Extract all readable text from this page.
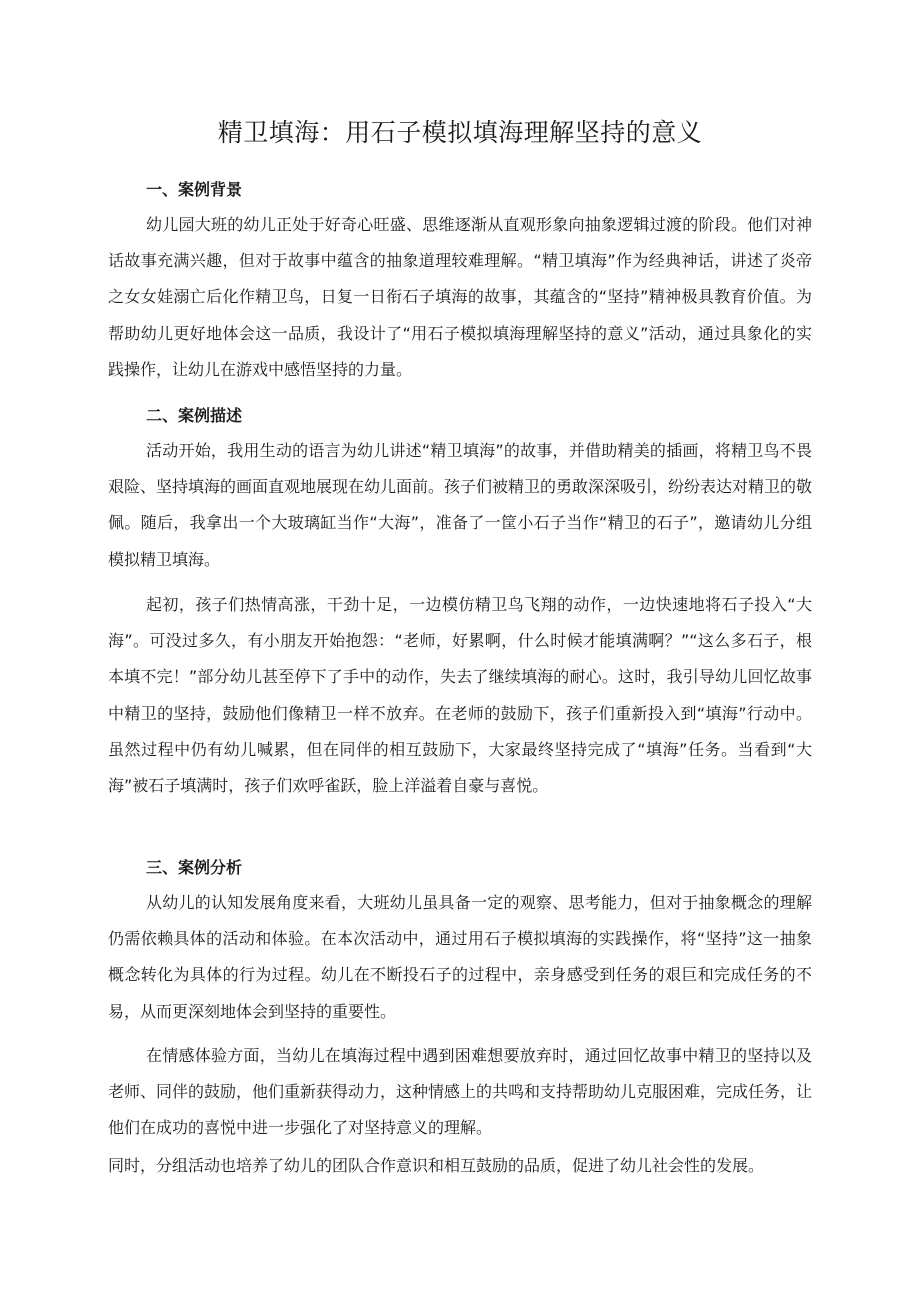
精卫填海：用石子模拟填海理解坚持的意义
一、案例背景

幼儿园大班的幼儿正处于好奇心旺盛、思维逐渐从直观形象向抽象逻辑过渡的阶段。他们对神话故事充满兴趣，但对于故事中蕴含的抽象道理较难理解。“精卫填海”作为经典神话，讲述了炎帝之女女娃溺亡后化作精卫鸟，日复一日衔石子填海的故事，其蕴含的“坚持”精神极具教育价值。为帮助幼儿更好地体会这一品质，我设计了“用石子模拟填海理解坚持的意义”活动，通过具象化的实践操作，让幼儿在游戏中感悟坚持的力量。

二、案例描述

活动开始，我用生动的语言为幼儿讲述“精卫填海”的故事，并借助精美的插画，将精卫鸟不畏艰险、坚持填海的画面直观地展现在幼儿面前。孩子们被精卫的勇敢深深吸引，纷纷表达对精卫的敬佩。随后，我拿出一个大玻璃缸当作“大海”，准备了一筐小石子当作“精卫的石子”，邀请幼儿分组模拟精卫填海。

起初，孩子们热情高涨，干劲十足，一边模仿精卫鸟飞翔的动作，一边快速地将石子投入“大海”。可没过多久，有小朋友开始抱怨：“老师，好累啊，什么时候才能填满啊？”“这么多石子，根本填不完！”部分幼儿甚至停下了手中的动作，失去了继续填海的耐心。这时，我引导幼儿回忆故事中精卫的坚持，鼓励他们像精卫一样不放弃。在老师的鼓励下，孩子们重新投入到“填海”行动中。虽然过程中仍有幼儿喊累，但在同伴的相互鼓励下，大家最终坚持完成了“填海”任务。当看到“大海”被石子填满时，孩子们欢呼雀跃，脸上洋溢着自豪与喜悦。

三、案例分析

从幼儿的认知发展角度来看，大班幼儿虽具备一定的观察、思考能力，但对于抽象概念的理解仍需依赖具体的活动和体验。在本次活动中，通过用石子模拟填海的实践操作，将“坚持”这一抽象概念转化为具体的行为过程。幼儿在不断投石子的过程中，亲身感受到任务的艰巨和完成任务的不易，从而更深刻地体会到坚持的重要性。

在情感体验方面，当幼儿在填海过程中遇到困难想要放弃时，通过回忆故事中精卫的坚持以及老师、同伴的鼓励，他们重新获得动力，这种情感上的共鸣和支持帮助幼儿克服困难，完成任务，让他们在成功的喜悦中进一步强化了对坚持意义的理解。

同时，分组活动也培养了幼儿的团队合作意识和相互鼓励的品质，促进了幼儿社会性的发展。
